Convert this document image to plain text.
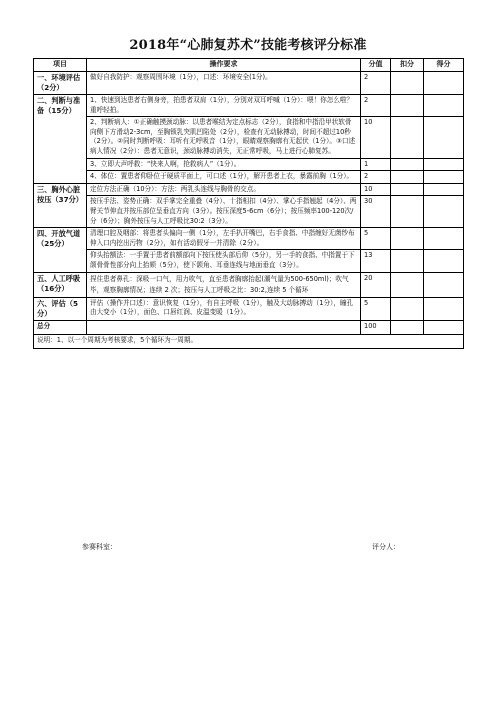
2018年“心肺复苏术”技能考核评分标准
项目	操作要求	分值	扣分	得分
一、环境评估（2分）	做好自我防护：观察周围环境（1分），口述：环境安全(1分)。	2		
二、判断与准备（15分）	1、快速到达患者右侧身旁，拍患者双肩（1分），分别对双耳呼喊（1分）：喂！你怎么啦？重呼轻拍。	2		
	2、判断病人：①正确触摸颈动脉：以患者喉结为定点标志（2分），食指和中指沿甲状软骨向侧下方滑动2-3cm，至胸锁乳突肌凹陷处（2分），检查有无动脉搏动，时间不超过10秒（2分）。②同时判断呼吸：耳听有无呼吸音（1分），眼睛观察胸廓有无起伏（1分）。③口述病人情况（2分）：患者无意识，颈动脉搏动消失，无正常呼吸，马上进行心肺复苏。	10		
	3、立即大声呼救：“快来人啊，抢救病人”（1分）。	1		
	4、体位：置患者仰卧位于硬质平面上，可口述（1分），解开患者上衣，暴露前胸（1分）。	2		
三、胸外心脏按压（37分）	定位方法正确（10分）：方法：两乳头连线与胸骨的交点。	10		
	按压手法、姿势正确：双手掌完全重叠（4分）、十指相扣（4分）、掌心手指翘起（4分）、两臂关节伸直并按压部位呈垂直方向（3分）。按压深度5-6cm（6分）；按压频率100-120次/分（6分）；胸外按压与人工呼吸比30:2（3分）。	30		
四、开放气道（25分）	清理口腔及咽部：将患者头偏向一侧（1分），左手扒开嘴巴，右手食指、中指缠好无菌纱布伸入口内挖出污物（2分），如有活动假牙一并清除（2分）。	5		
	仰头抬额法：一手置于患者前额部向下按压使头部后仰（5分），另一手的食指、中指置于下颌骨骨性部分向上抬颏（5分），使下颌角、耳垂连线与地面垂直（3分）。	13		
五、人工呼吸（16分）	捏住患者鼻孔：深吸一口气，用力吹气，直至患者胸廓抬起(潮气量为500-650ml)；吹气毕，观察胸廓情况；连续 2 次；按压与人工呼吸之比：30:2,连续 5 个循环	20		
六、评估（5分）	评估（操作并口述）：意识恢复（1分），有自主呼吸（1分），触及大动脉搏动（1分），瞳孔由大变小（1分），面色、口唇红润、皮温变暖（1分）。	5		
总分		100		
说明：1、以一个周期为考核要求，5个循环为一周期。				
参赛科室：	评分人：
